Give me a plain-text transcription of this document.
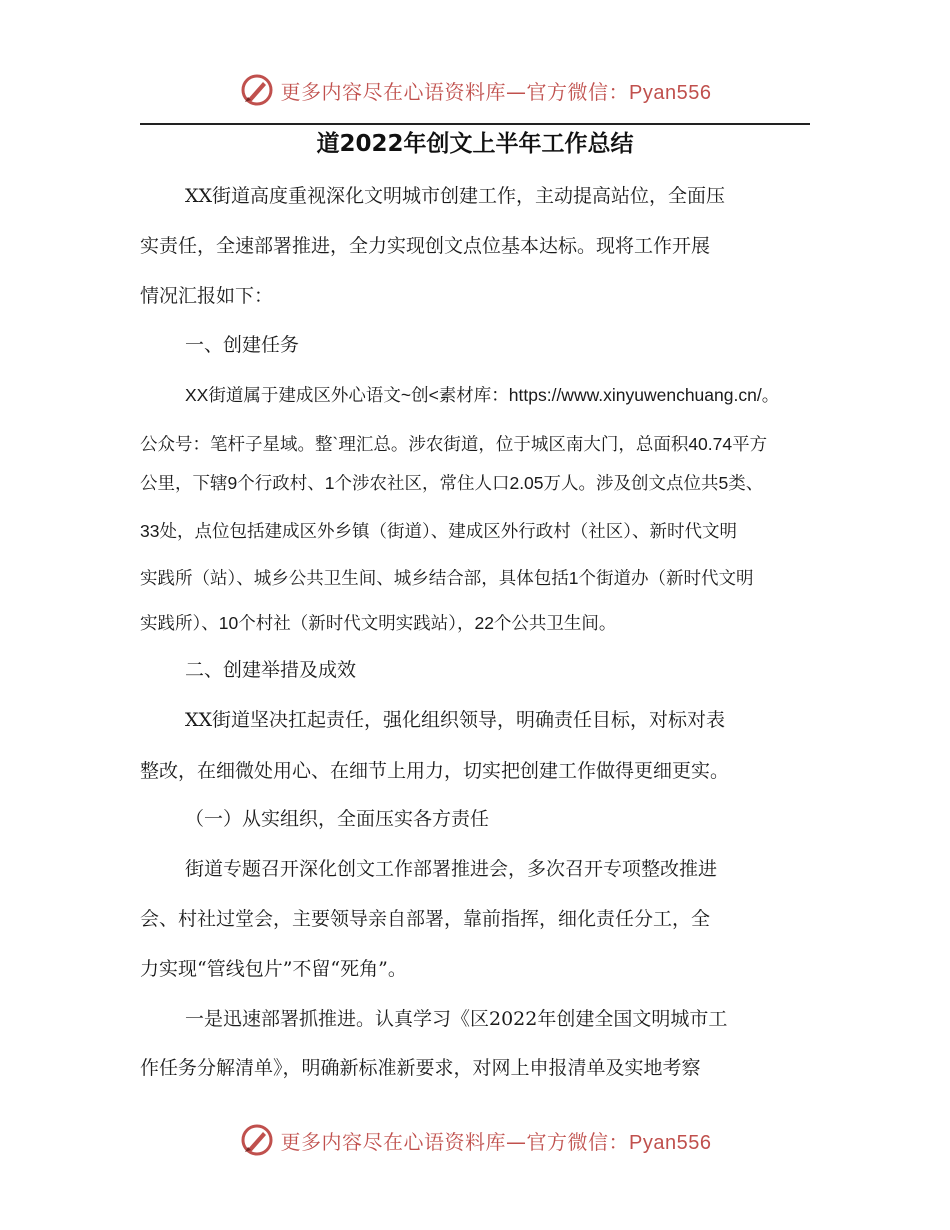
更多内容尽在心语资料库—官方微信：Pyan556
道2022年创文上半年工作总结
XX街道高度重视深化文明城市创建工作，主动提高站位，全面压
实责任，全速部署推进，全力实现创文点位基本达标。现将工作开展
情况汇报如下：
一、创建任务
XX街道属于建成区外心语文~创<素材库：https://www.xinyuwenchuang.cn/。
公众号：笔杆子星域。整`理汇总。涉农街道，位于城区南大门，总面积40.74平方
公里，下辖9个行政村、1个涉农社区，常住人口2.05万人。涉及创文点位共5类、
33处，点位包括建成区外乡镇（街道）、建成区外行政村（社区）、新时代文明
实践所（站）、城乡公共卫生间、城乡结合部，具体包括1个街道办（新时代文明
实践所）、10个村社（新时代文明实践站），22个公共卫生间。
二、创建举措及成效
XX街道坚决扛起责任，强化组织领导，明确责任目标，对标对表
整改，在细微处用心、在细节上用力，切实把创建工作做得更细更实。
（一）从实组织，全面压实各方责任
街道专题召开深化创文工作部署推进会，多次召开专项整改推进
会、村社过堂会，主要领导亲自部署，靠前指挥，细化责任分工，全
力实现“管线包片”不留“死角”。
一是迅速部署抓推进。认真学习《区2022年创建全国文明城市工
作任务分解清单》，明确新标准新要求，对网上申报清单及实地考察
更多内容尽在心语资料库—官方微信：Pyan556
